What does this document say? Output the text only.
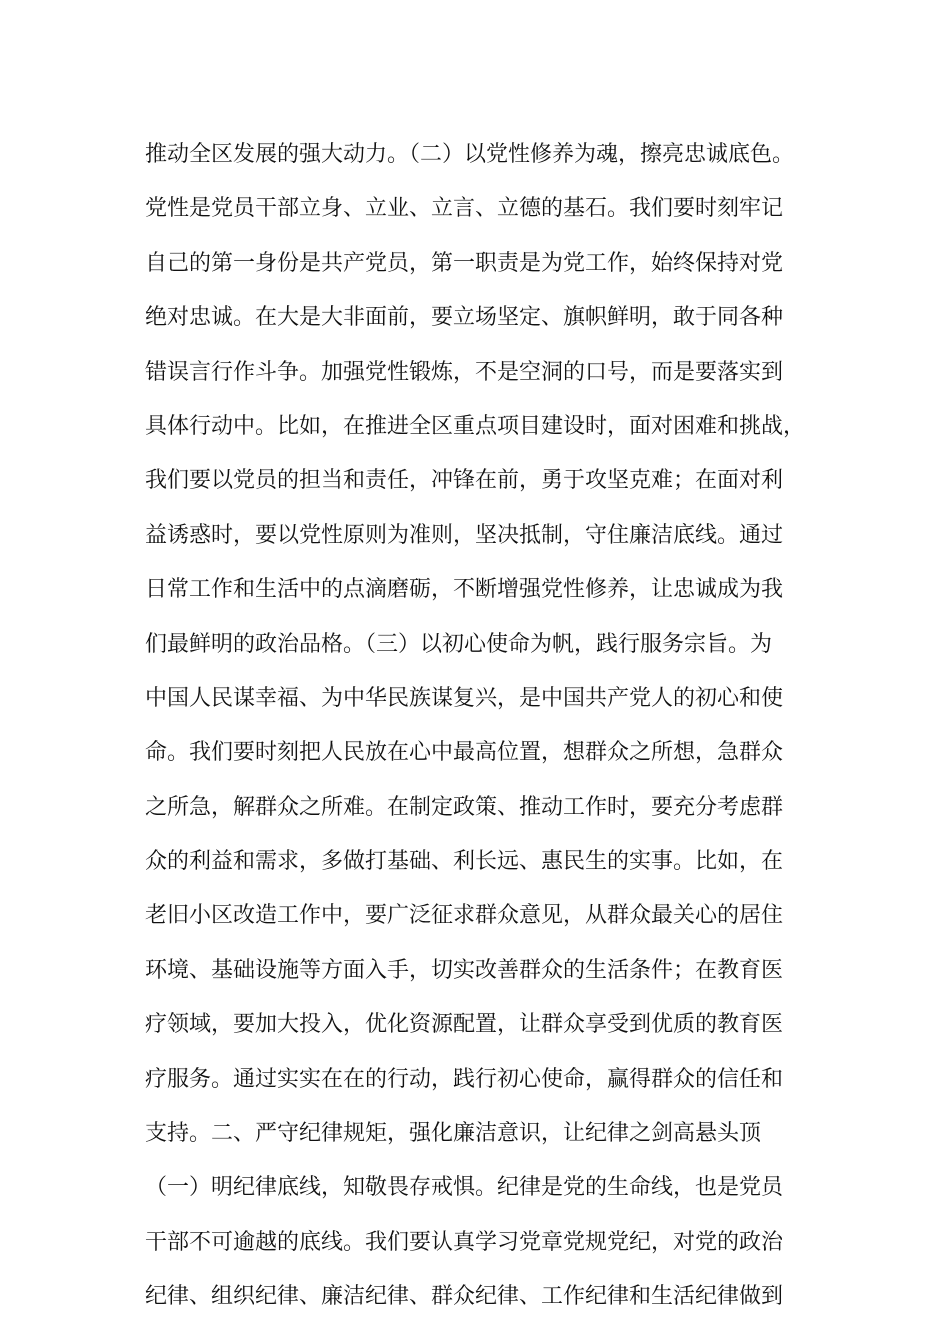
推动全区发展的强大动力。（二）以党性修养为魂，擦亮忠诚底色。
党性是党员干部立身、立业、立言、立德的基石。我们要时刻牢记
自己的第一身份是共产党员，第一职责是为党工作，始终保持对党
绝对忠诚。在大是大非面前，要立场坚定、旗帜鲜明，敢于同各种
错误言行作斗争。加强党性锻炼，不是空洞的口号，而是要落实到
具体行动中。比如，在推进全区重点项目建设时，面对困难和挑战，
我们要以党员的担当和责任，冲锋在前，勇于攻坚克难；在面对利
益诱惑时，要以党性原则为准则，坚决抵制，守住廉洁底线。通过
日常工作和生活中的点滴磨砺，不断增强党性修养，让忠诚成为我
们最鲜明的政治品格。（三）以初心使命为帆，践行服务宗旨。为
中国人民谋幸福、为中华民族谋复兴，是中国共产党人的初心和使
命。我们要时刻把人民放在心中最高位置，想群众之所想，急群众
之所急，解群众之所难。在制定政策、推动工作时，要充分考虑群
众的利益和需求，多做打基础、利长远、惠民生的实事。比如，在
老旧小区改造工作中，要广泛征求群众意见，从群众最关心的居住
环境、基础设施等方面入手，切实改善群众的生活条件；在教育医
疗领域，要加大投入，优化资源配置，让群众享受到优质的教育医
疗服务。通过实实在在的行动，践行初心使命，赢得群众的信任和
支持。二、严守纪律规矩，强化廉洁意识，让纪律之剑高悬头顶
（一）明纪律底线，知敬畏存戒惧。纪律是党的生命线，也是党员
干部不可逾越的底线。我们要认真学习党章党规党纪，对党的政治
纪律、组织纪律、廉洁纪律、群众纪律、工作纪律和生活纪律做到
